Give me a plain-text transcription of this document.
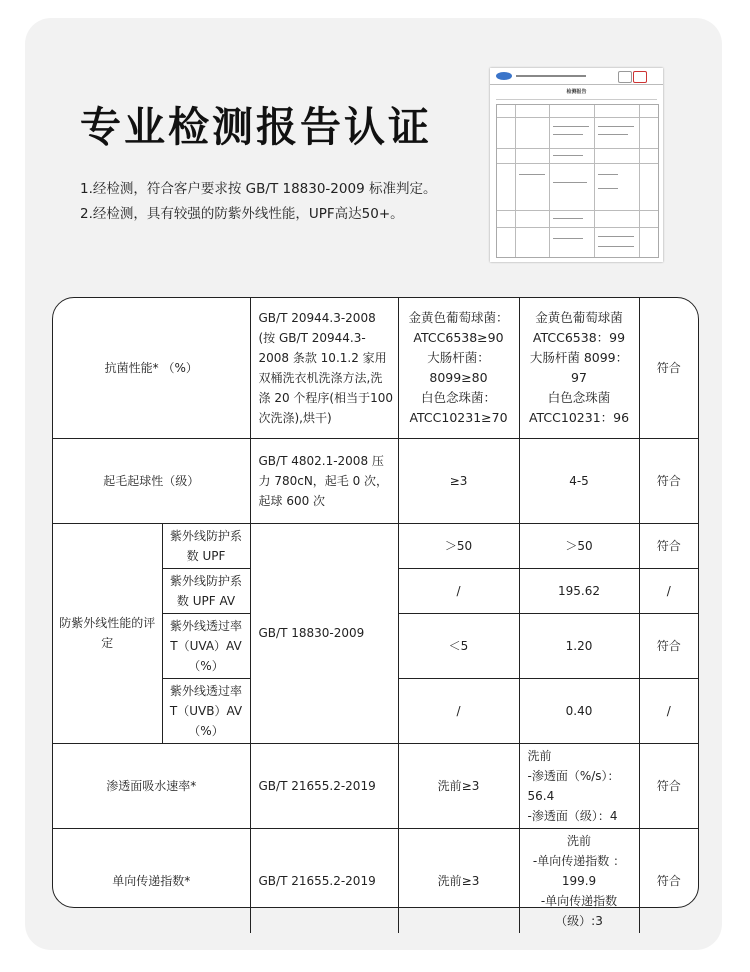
专业检测报告认证

1.经检测，符合客户要求按 GB/T 18830-2009 标准判定。

2.经检测，具有较强的防紫外线性能，UPF高达50+。

检测报告
抗菌性能* （%）		GB/T 20944.3-2008
(按 GB/T 20944.3-2008 条款 10.1.2 家用双桶洗衣机洗涤方法,洗涤 20 个程序(相当于100次洗涤),烘干)	金黄色葡萄球菌：
ATCC6538≥90
大肠杆菌：8099≥80
白色念珠菌：
ATCC10231≥70	金黄色葡萄球菌
ATCC6538：99
大肠杆菌 8099：97
白色念珠菌
ATCC10231：96	符合
起毛起球性（级）		GB/T 4802.1-2008 压力 780cN，起毛 0 次，起球 600 次	≥3	4-5	符合
防紫外线性能的评定	紫外线防护系数 UPF	GB/T 18830-2009	＞50	＞50	符合
	紫外线防护系数 UPF AV		/	195.62	/
	紫外线透过率 T（UVA）AV（%）		＜5	1.20	符合
	紫外线透过率 T（UVB）AV（%）		/	0.40	/
渗透面吸水速率*		GB/T 21655.2-2019	洗前≥3	洗前
-渗透面（%/s）：
56.4
-渗透面（级）：4	符合
单向传递指数*		GB/T 21655.2-2019	洗前≥3	洗前
-单向传递指数 ：
199.9
-单向传递指数
（级）:3	符合
